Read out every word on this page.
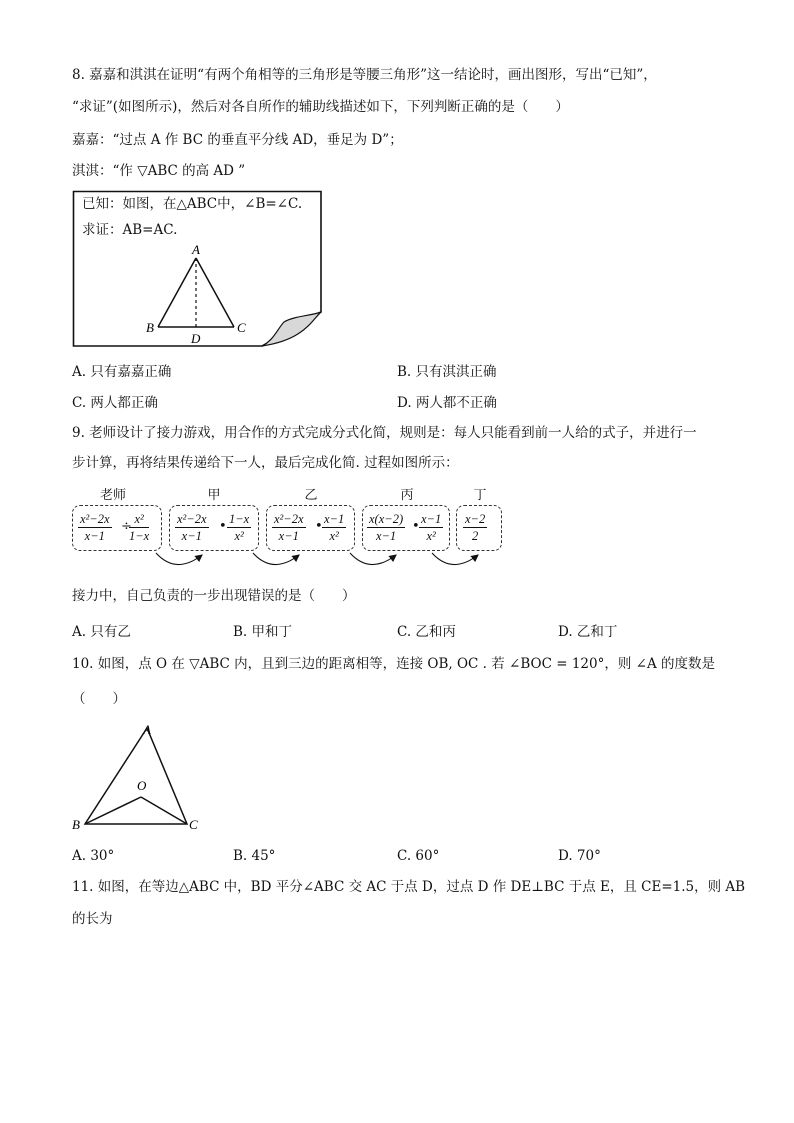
8. 嘉嘉和淇淇在证明“有两个角相等的三角形是等腰三角形”这一结论时，画出图形，写出“已知”，
“求证”(如图所示)，然后对各自所作的辅助线描述如下，下列判断正确的是（　　）
嘉嘉：“过点 A 作 BC 的垂直平分线 AD，垂足为 D”；
淇淇：“作 ▽ABC 的高 AD ”
A
B	C
D
已知：如图，在△ABC中，∠B=∠C.
求证：AB=AC.
A. 只有嘉嘉正确	B. 只有淇淇正确
C. 两人都正确	D. 两人都不正确
9. 老师设计了接力游戏，用合作的方式完成分式化简，规则是：每人只能看到前一人给的式子，并进行一
步计算，再将结果传递给下一人，最后完成化简. 过程如图所示：
老师	甲	乙	丙	丁
$\frac{\text{x²−2x}}{x-1}$ ÷
$\frac{\text{x²}}{1-x} \frac{\text{x²−2x}}{x-1}$ • $\frac{1-x}{\text{x²}} \frac{\text{x²−2x}}{x-1}$ • $\frac{x-1}{\text{x²}} \frac{x(x-2)}{x-1}$ • $\frac{x-1}{\text{x²}} \frac{x-2}{2}$
接力中，自己负责的一步出现错误的是（　　）
A. 只有乙	B. 甲和丁	C. 乙和丙	D. 乙和丁
10. 如图，点 O 在 ▽ABC 内，且到三边的距离相等，连接 OB, OC . 若 ∠BOC = 120°，则 ∠A 的度数是
（　　）
A
B	C
O
A. 30°	B. 45°	C. 60°	D. 70°
11. 如图，在等边△ABC 中，BD 平分∠ABC 交 AC 于点 D，过点 D 作 DE⊥BC 于点 E，且 CE=1.5，则 AB
的长为
